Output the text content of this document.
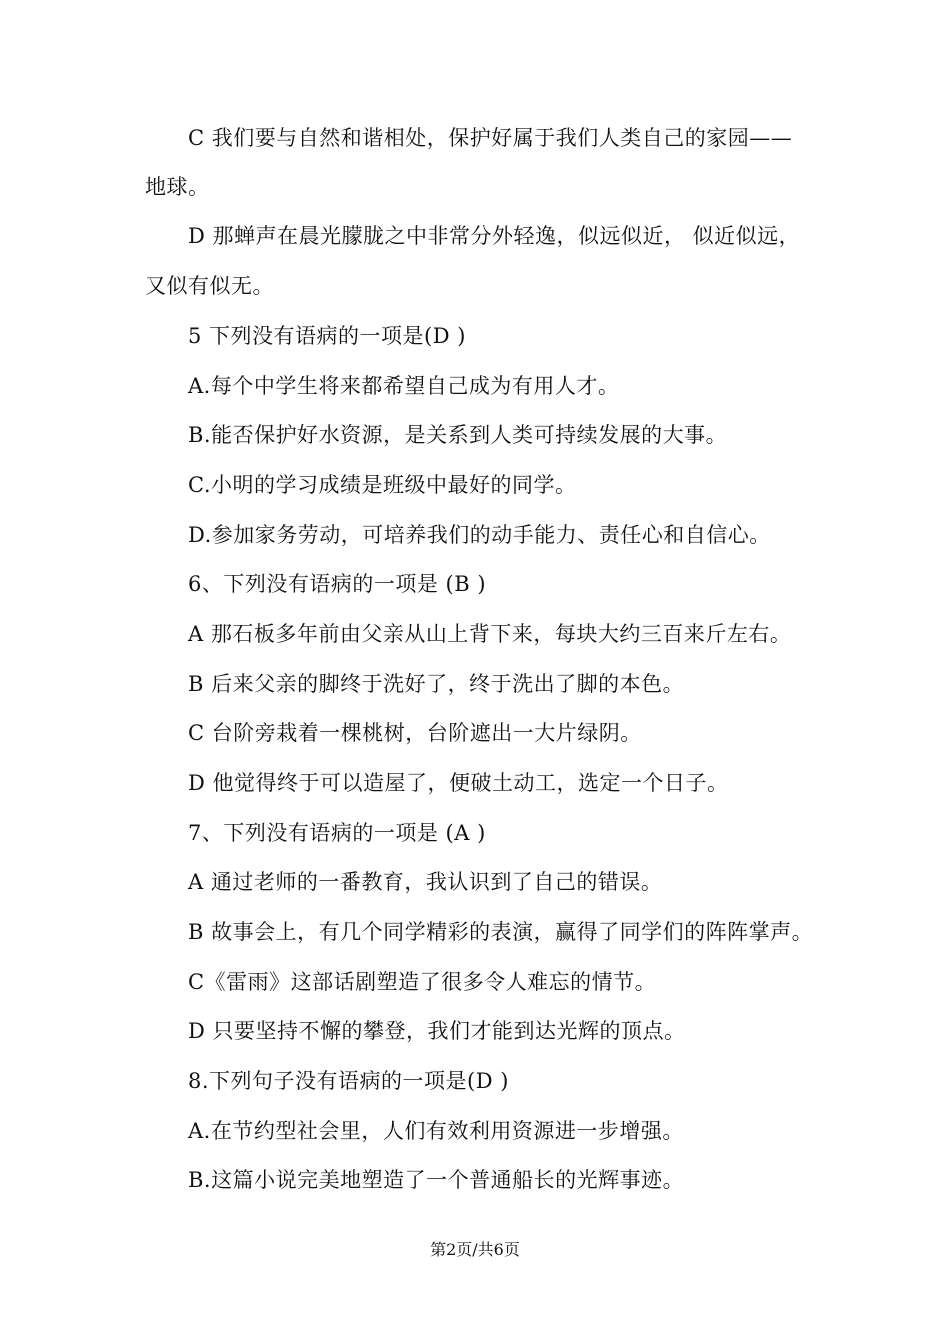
C 我们要与自然和谐相处，保护好属于我们人类自己的家园——
地球。
D 那蝉声在晨光朦胧之中非常分外轻逸，似远似近， 似近似远，
又似有似无。
5 下列没有语病的一项是(D )
A.每个中学生将来都希望自己成为有用人才。
B.能否保护好水资源，是关系到人类可持续发展的大事。
C.小明的学习成绩是班级中最好的同学。
D.参加家务劳动，可培养我们的动手能力、责任心和自信心。
6、下列没有语病的一项是 (B )
A 那石板多年前由父亲从山上背下来，每块大约三百来斤左右。
B 后来父亲的脚终于洗好了，终于洗出了脚的本色。
C 台阶旁栽着一棵桃树，台阶遮出一大片绿阴。
D 他觉得终于可以造屋了，便破土动工，选定一个日子。
7、下列没有语病的一项是 (A )
A 通过老师的一番教育，我认识到了自己的错误。
B 故事会上，有几个同学精彩的表演，赢得了同学们的阵阵掌声。
C《雷雨》这部话剧塑造了很多令人难忘的情节。
D 只要坚持不懈的攀登，我们才能到达光辉的顶点。
8.下列句子没有语病的一项是(D )
A.在节约型社会里，人们有效利用资源进一步增强。
B.这篇小说完美地塑造了一个普通船长的光辉事迹。
第2页/共6页
